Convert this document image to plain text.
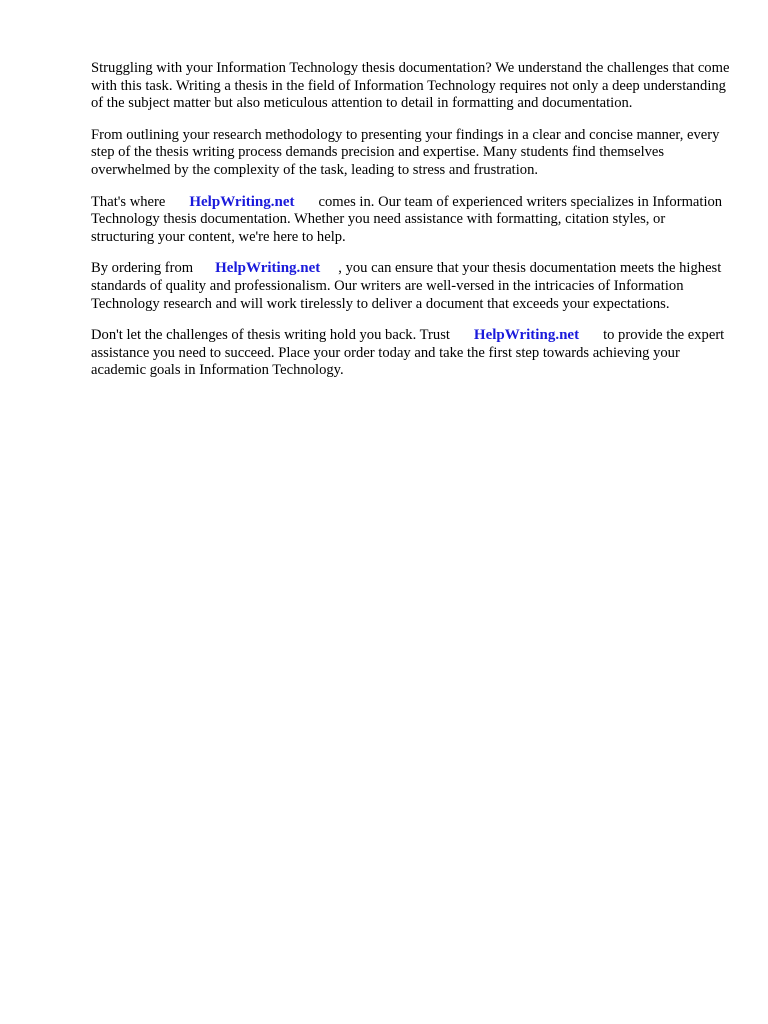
Struggling with your Information Technology thesis documentation? We understand the challenges that come with this task. Writing a thesis in the field of Information Technology requires not only a deep understanding of the subject matter but also meticulous attention to detail in formatting and documentation.

From outlining your research methodology to presenting your findings in a clear and concise manner, every step of the thesis writing process demands precision and expertise. Many students find themselves overwhelmed by the complexity of the task, leading to stress and frustration.

That's where HelpWriting.net comes in. Our team of experienced writers specializes in Information Technology thesis documentation. Whether you need assistance with formatting, citation styles, or structuring your content, we're here to help.

By ordering from HelpWriting.net , you can ensure that your thesis documentation meets the highest standards of quality and professionalism. Our writers are well-versed in the intricacies of Information Technology research and will work tirelessly to deliver a document that exceeds your expectations.

Don't let the challenges of thesis writing hold you back. Trust HelpWriting.net to provide the expert assistance you need to succeed. Place your order today and take the first step towards achieving your academic goals in Information Technology.
